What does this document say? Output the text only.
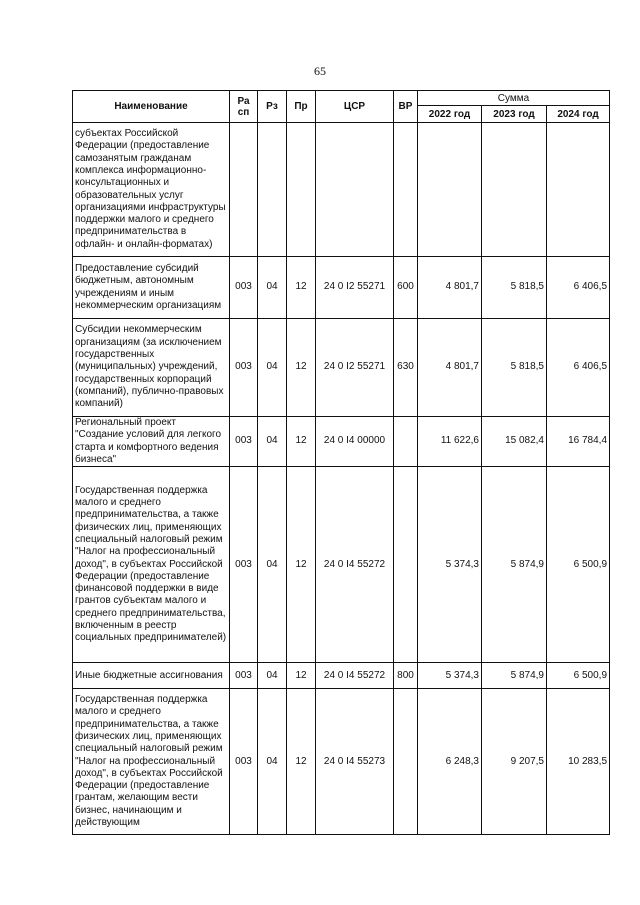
65
Наименование	Ра сп	Рз	Пр	ЦСР	ВР	Сумма		
						2022 год	2023 год	2024 год
субъектах Российской Федерации (предоставление самозанятым гражданам комплекса информационно-консультационных и образовательных услуг организациями инфраструктуры поддержки малого и среднего предпринимательства в офлайн- и онлайн-форматах)								
Предоставление субсидий бюджетным, автономным учреждениям и иным некоммерческим организациям	003	04	12	24 0 I2 55271	600	4 801,7	5 818,5	6 406,5
Субсидии некоммерческим организациям (за исключением государственных (муниципальных) учреждений, государственных корпораций (компаний), публично-правовых компаний)	003	04	12	24 0 I2 55271	630	4 801,7	5 818,5	6 406,5
Региональный проект "Создание условий для легкого старта и комфортного ведения бизнеса"	003	04	12	24 0 I4 00000		11 622,6	15 082,4	16 784,4
Государственная поддержка малого и среднего предпринимательства, а также физических лиц, применяющих специальный налоговый режим "Налог на профессиональный доход", в субъектах Российской Федерации (предоставление финансовой поддержки в виде грантов субъектам малого и среднего предпринимательства, включенным в реестр социальных предпринимателей)	003	04	12	24 0 I4 55272		5 374,3	5 874,9	6 500,9
Иные бюджетные ассигнования	003	04	12	24 0 I4 55272	800	5 374,3	5 874,9	6 500,9
Государственная поддержка малого и среднего предпринимательства, а также физических лиц, применяющих специальный налоговый режим "Налог на профессиональный доход", в субъектах Российской Федерации (предоставление грантам, желающим вести бизнес, начинающим и действующим	003	04	12	24 0 I4 55273		6 248,3	9 207,5	10 283,5
